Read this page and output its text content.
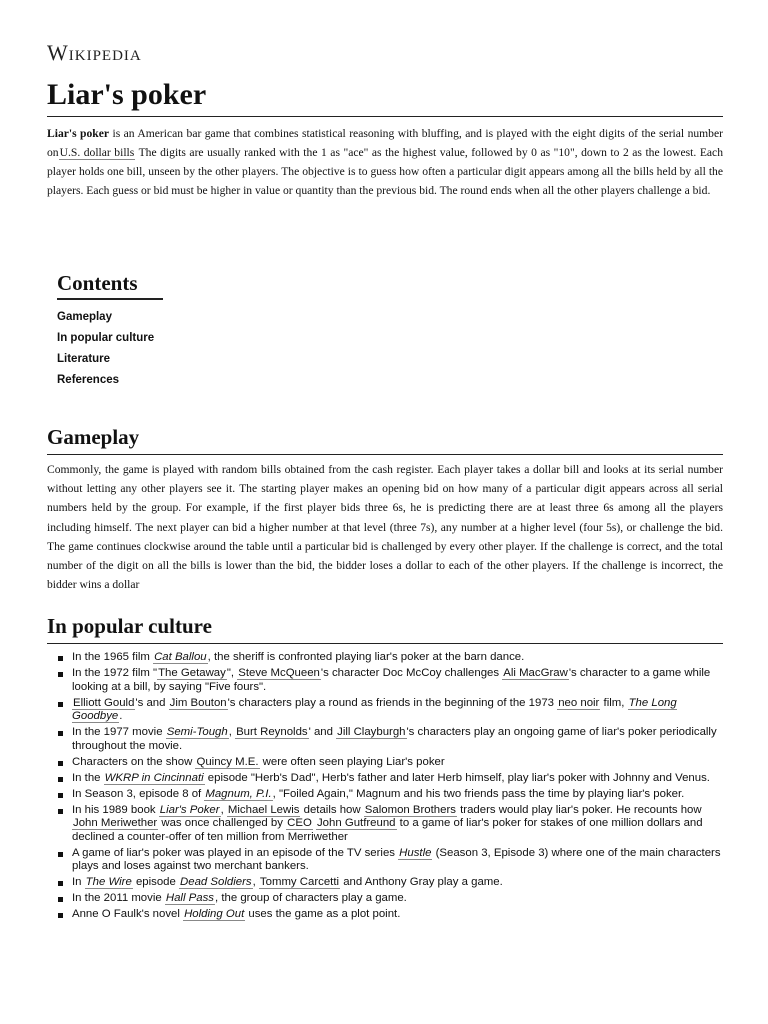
Wikipedia
Liar's poker

Liar's poker is an American bar game that combines statistical reasoning with bluffing, and is played with the eight digits of the serial number onU.S. dollar bills The digits are usually ranked with the 1 as "ace" as the highest value, followed by 0 as "10", down to 2 as the lowest. Each player holds one bill, unseen by the other players. The objective is to guess how often a particular digit appears among all the bills held by all the players. Each guess or bid must be higher in value or quantity than the previous bid. The round ends when all the other players challenge a bid.

Contents
Gameplay
In popular culture
Literature
References
Gameplay

Commonly, the game is played with random bills obtained from the cash register. Each player takes a dollar bill and looks at its serial number without letting any other players see it. The starting player makes an opening bid on how many of a particular digit appears across all serial numbers held by the group. For example, if the first player bids three 6s, he is predicting there are at least three 6s among all the players including himself. The next player can bid a higher number at that level (three 7s), any number at a higher level (four 5s), or challenge the bid. The game continues clockwise around the table until a particular bid is challenged by every other player. If the challenge is correct, and the total number of the digit on all the bills is lower than the bid, the bidder loses a dollar to each of the other players. If the challenge is incorrect, the bidder wins a dollar

In popular culture
In the 1965 film Cat Ballou, the sheriff is confronted playing liar's poker at the barn dance.
In the 1972 film "The Getaway", Steve McQueen's character Doc McCoy challenges Ali MacGraw's character to a game while looking at a bill, by saying "Five fours".
Elliott Gould's and Jim Bouton's characters play a round as friends in the beginning of the 1973 neo noir film, The Long Goodbye.
In the 1977 movie Semi-Tough, Burt Reynolds' and Jill Clayburgh's characters play an ongoing game of liar's poker periodically throughout the movie.
Characters on the show Quincy M.E. were often seen playing Liar's poker
In the WKRP in Cincinnati episode "Herb's Dad", Herb's father and later Herb himself, play liar's poker with Johnny and Venus.
In Season 3, episode 8 of Magnum, P.I., "Foiled Again," Magnum and his two friends pass the time by playing liar's poker.
In his 1989 book Liar's Poker, Michael Lewis details how Salomon Brothers traders would play liar's poker. He recounts how John Meriwether was once challenged by CEO John Gutfreund to a game of liar's poker for stakes of one million dollars and declined a counter-offer of ten million from Merriwether
A game of liar's poker was played in an episode of the TV series Hustle (Season 3, Episode 3) where one of the main characters plays and loses against two merchant bankers.
In The Wire episode Dead Soldiers, Tommy Carcetti and Anthony Gray play a game.
In the 2011 movie Hall Pass, the group of characters play a game.
Anne O Faulk's novel Holding Out uses the game as a plot point.
